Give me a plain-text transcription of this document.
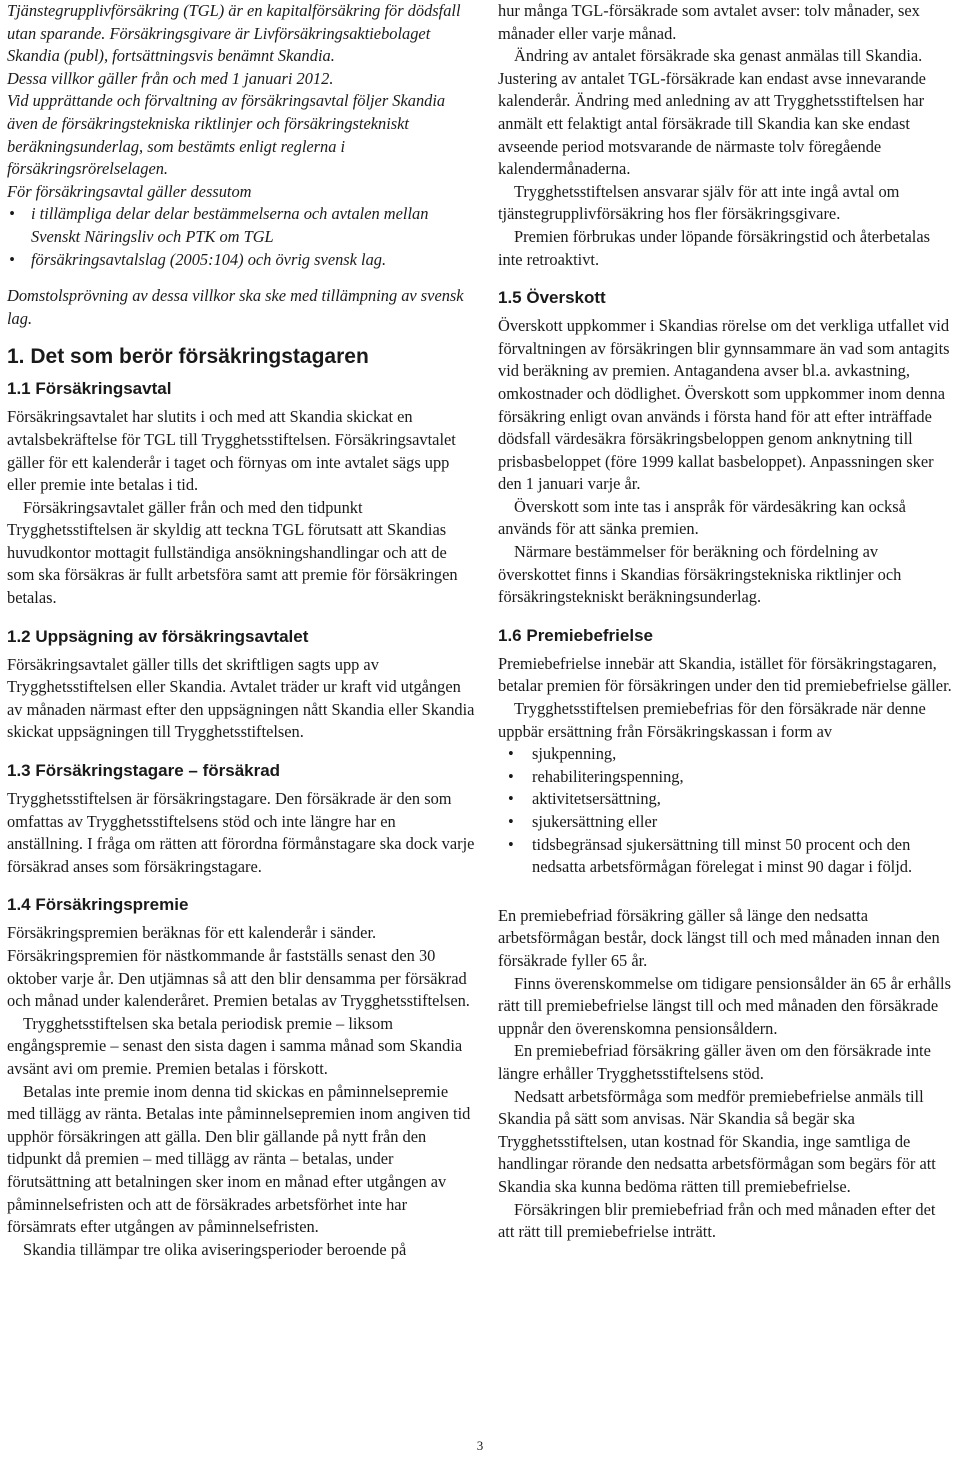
Tjänstegrupplivförsäkring (TGL) är en kapitalförsäkring för dödsfall utan sparande. Försäkringsgivare är Livförsäkringsaktiebolaget Skandia (publ), fortsättningsvis benämnt Skandia.

Dessa villkor gäller från och med 1 januari 2012.

Vid upprättande och förvaltning av försäkringsavtal följer Skandia även de försäkringstekniska riktlinjer och försäkringstekniskt beräkningsunderlag, som bestämts enligt reglerna i försäkringsrörelselagen.

För försäkringsavtal gäller dessutom

• i tillämpliga delar delar bestämmelserna och avtalen mellan Svenskt Näringsliv och PTK om TGL
• försäkringsavtalslag (2005:104) och övrig svensk lag.

Domstolsprövning av dessa villkor ska ske med tillämpning av svensk lag.

1. Det som berör försäkringstagaren
1.1 Försäkringsavtal

Försäkringsavtalet har slutits i och med att Skandia skickat en avtalsbekräftelse för TGL till Trygghetsstiftelsen. Försäkringsavtalet gäller för ett kalenderår i taget och förnyas om inte avtalet sägs upp eller premie inte betalas i tid.

Försäkringsavtalet gäller från och med den tidpunkt Trygghetsstiftelsen är skyldig att teckna TGL förutsatt att Skandias huvudkontor mottagit fullständiga ansökningshandlingar och att de som ska försäkras är fullt arbetsföra samt att premie för försäkringen betalas.

1.2 Uppsägning av försäkringsavtalet

Försäkringsavtalet gäller tills det skriftligen sagts upp av Trygghetsstiftelsen eller Skandia. Avtalet träder ur kraft vid utgången av månaden närmast efter den uppsägningen nått Skandia eller Skandia skickat uppsägningen till Trygghetsstiftelsen.

1.3 Försäkringstagare – försäkrad

Trygghetsstiftelsen är försäkringstagare. Den försäkrade är den som omfattas av Trygghetsstiftelsens stöd och inte längre har en anställning. I fråga om rätten att förordna förmånstagare ska dock varje försäkrad anses som försäkringstagare.

1.4 Försäkringspremie

Försäkringspremien beräknas för ett kalenderår i sänder. Försäkringspremien för nästkommande år fastställs senast den 30 oktober varje år. Den utjämnas så att den blir densamma per försäkrad och månad under kalenderåret. Premien betalas av Trygghetsstiftelsen.

Trygghetsstiftelsen ska betala periodisk premie – liksom engångspremie – senast den sista dagen i samma månad som Skandia avsänt avi om premie. Premien betalas i förskott.

Betalas inte premie inom denna tid skickas en påminnelsepremie med tillägg av ränta. Betalas inte påminnelsepremien inom angiven tid upphör försäkringen att gälla. Den blir gällande på nytt från den tidpunkt då premien – med tillägg av ränta – betalas, under förutsättning att betalningen sker inom en månad efter utgången av påminnelsefristen och att de försäkrades arbetsförhet inte har försämrats efter utgången av påminnelsefristen.

Skandia tillämpar tre olika aviseringsperioder beroende på

hur många TGL-försäkrade som avtalet avser: tolv månader, sex månader eller varje månad.

Ändring av antalet försäkrade ska genast anmälas till Skandia. Justering av antalet TGL-försäkrade kan endast avse innevarande kalenderår. Ändring med anledning av att Trygghetsstiftelsen har anmält ett felaktigt antal försäkrade till Skandia kan ske endast avseende period motsvarande de närmaste tolv föregående kalendermånaderna.

Trygghetsstiftelsen ansvarar själv för att inte ingå avtal om tjänstegrupplivförsäkring hos fler försäkringsgivare.

Premien förbrukas under löpande försäkringstid och återbetalas inte retroaktivt.

1.5 Överskott

Överskott uppkommer i Skandias rörelse om det verkliga utfallet vid förvaltningen av försäkringen blir gynnsammare än vad som antagits vid beräkning av premien. Antagandena avser bl.a. avkastning, omkostnader och dödlighet. Överskott som uppkommer inom denna försäkring enligt ovan används i första hand för att efter inträffade dödsfall värdesäkra försäkringsbeloppen genom anknytning till prisbasbeloppet (före 1999 kallat basbeloppet). Anpassningen sker den 1 januari varje år.

Överskott som inte tas i anspråk för värdesäkring kan också används för att sänka premien.

Närmare bestämmelser för beräkning och fördelning av överskottet finns i Skandias försäkringstekniska riktlinjer och försäkringstekniskt beräkningsunderlag.

1.6 Premiebefrielse

Premiebefrielse innebär att Skandia, istället för försäkringstagaren, betalar premien för försäkringen under den tid premiebefrielse gäller.

Trygghetsstiftelsen premiebefrias för den försäkrade när denne uppbär ersättning från Försäkringskassan i form av

• sjukpenning,
• rehabiliteringspenning,
• aktivitetsersättning,
• sjukersättning eller
• tidsbegränsad sjukersättning till minst 50 procent och den nedsatta arbetsförmågan förelegat i minst 90 dagar i följd.

En premiebefriad försäkring gäller så länge den nedsatta arbetsförmågan består, dock längst till och med månaden innan den försäkrade fyller 65 år.

Finns överenskommelse om tidigare pensionsålder än 65 år erhålls rätt till premiebefrielse längst till och med månaden den försäkrade uppnår den överenskomna pensionsåldern.

En premiebefriad försäkring gäller även om den försäkrade inte längre erhåller Trygghetsstiftelsens stöd.

Nedsatt arbetsförmåga som medför premiebefrielse anmäls till Skandia på sätt som anvisas. När Skandia så begär ska Trygghetsstiftelsen, utan kostnad för Skandia, inge samtliga de handlingar rörande den nedsatta arbetsförmågan som begärs för att Skandia ska kunna bedöma rätten till premiebefrielse.

Försäkringen blir premiebefriad från och med månaden efter det att rätt till premiebefrielse inträtt.

3
